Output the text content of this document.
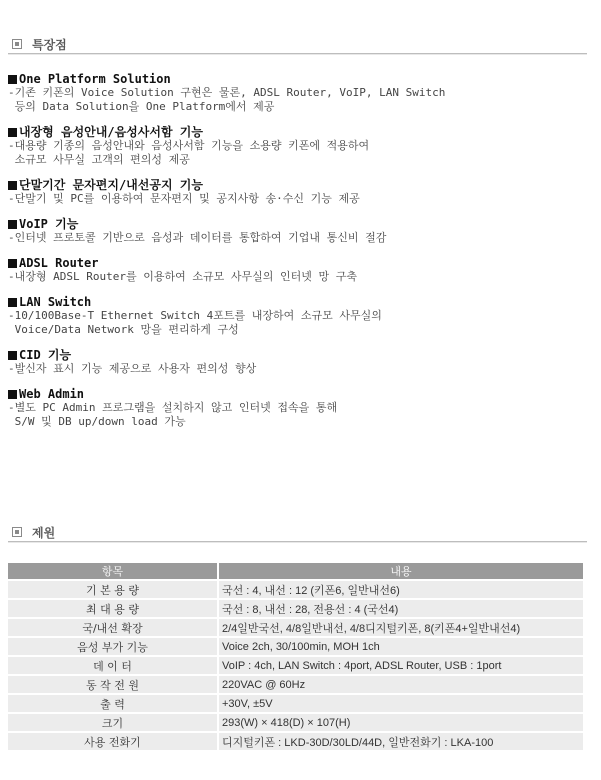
특장점
One Platform Solution
-기존 키폰의 Voice Solution 구현은 물론, ADSL Router, VoIP, LAN Switch
등의 Data Solution을 One Platform에서 제공
내장형 음성안내/음성사서함 기능
-대용량 기종의 음성안내와 음성사서함 기능을 소용량 키폰에 적용하여
소규모 사무실 고객의 편의성 제공
단말기간 문자편지/내선공지 기능
-단말기 및 PC를 이용하여 문자편지 및 공지사항 송·수신 기능 제공
VoIP 기능
-인터넷 프로토콜 기반으로 음성과 데이터를 통합하여 기업내 통신비 절감
ADSL Router
-내장형 ADSL Router를 이용하여 소규모 사무실의 인터넷 망 구축
LAN Switch
-10/100Base-T Ethernet Switch 4포트를 내장하여 소규모 사무실의
Voice/Data Network 망을 편리하게 구성
CID 기능
-발신자 표시 기능 제공으로 사용자 편의성 향상
Web Admin
-별도 PC Admin 프로그램을 설치하지 않고 인터넷 접속을 통해
S/W 및 DB up/down load 가능
제원
항목	내용
기 본 용 량	국선 : 4, 내선 : 12 (키폰6, 일반내선6)
최 대 용 량	국선 : 8, 내선 : 28, 전용선 : 4 (국선4)
국/내선 확장	2/4일반국선, 4/8일반내선, 4/8디지털키폰, 8(키폰4+일반내선4)
음성 부가 기능	Voice 2ch, 30/100min, MOH 1ch
데 이 터	VoIP : 4ch, LAN Switch : 4port, ADSL Router, USB : 1port
동 작 전 원	220VAC @ 60Hz
출 력	+30V, ±5V
크기	293(W) × 418(D) × 107(H)
사용 전화기	디지털키폰 : LKD-30D/30LD/44D, 일반전화기 : LKA-100
